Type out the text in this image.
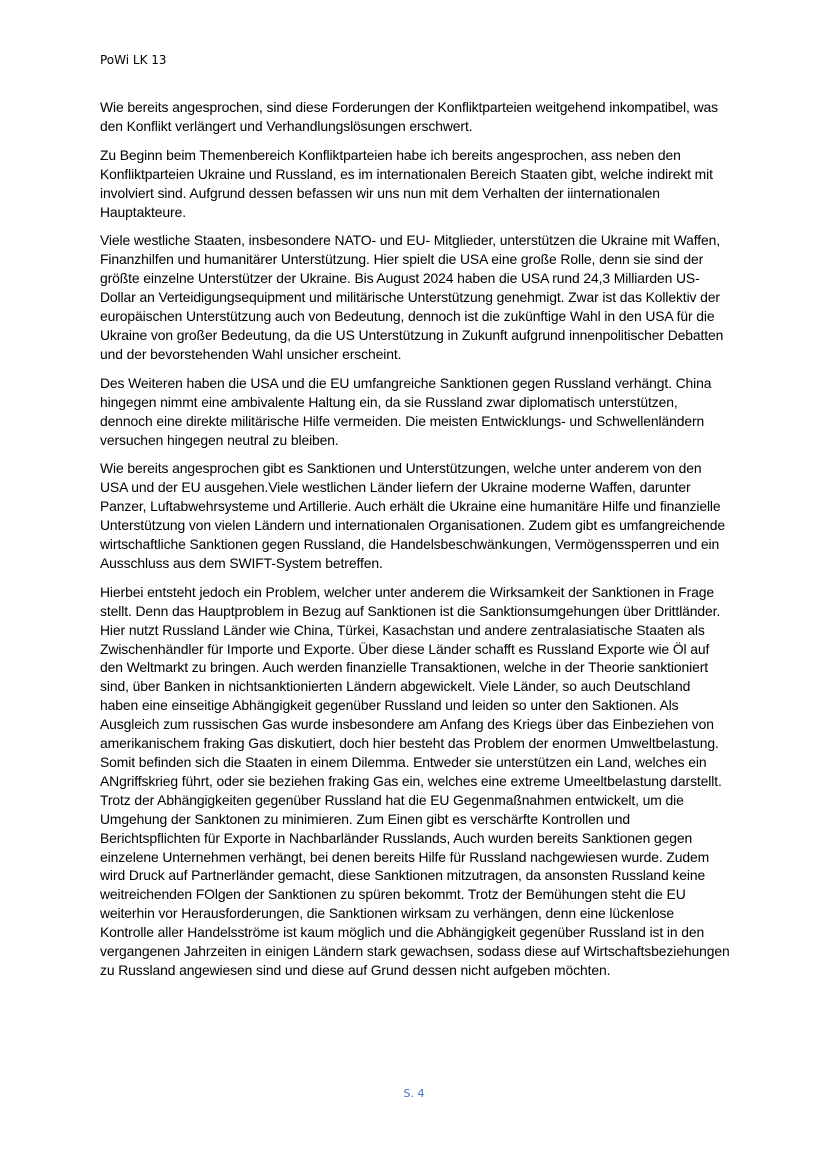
PoWi LK 13

Wie bereits angesprochen, sind diese Forderungen der Konfliktparteien weitgehend inkompatibel, was den Konflikt verlängert und Verhandlungslösungen erschwert.

Zu Beginn beim Themenbereich Konfliktparteien habe ich bereits angesprochen, ass neben den Konfliktparteien Ukraine und Russland, es im internationalen Bereich Staaten gibt, welche indirekt mit involviert sind. Aufgrund dessen befassen wir uns nun mit dem Verhalten der iinternationalen Hauptakteure.

Viele westliche Staaten, insbesondere NATO- und EU- Mitglieder, unterstützen die Ukraine mit Waffen, Finanzhilfen und humanitärer Unterstützung. Hier spielt die USA eine große Rolle, denn sie sind der größte einzelne Unterstützer der Ukraine. Bis August 2024 haben die USA rund 24,3 Milliarden US-Dollar an Verteidigungsequipment und militärische Unterstützung genehmigt. Zwar ist das Kollektiv der europäischen Unterstützung auch von Bedeutung, dennoch ist die zukünftige Wahl in den USA für die Ukraine von großer Bedeutung, da die US Unterstützung in Zukunft aufgrund innenpolitischer Debatten und der bevorstehenden Wahl unsicher erscheint.

Des Weiteren haben die USA und die EU umfangreiche Sanktionen gegen Russland verhängt. China hingegen nimmt eine ambivalente Haltung ein, da sie Russland zwar diplomatisch unterstützen, dennoch eine direkte militärische Hilfe vermeiden. Die meisten Entwicklungs- und Schwellenländern versuchen hingegen neutral zu bleiben.

Wie bereits angesprochen gibt es Sanktionen und Unterstützungen, welche unter anderem von den USA und der EU ausgehen.Viele westlichen Länder liefern der Ukraine moderne Waffen, darunter Panzer, Luftabwehrsysteme und Artillerie. Auch erhält die Ukraine eine humanitäre Hilfe und finanzielle Unterstützung von vielen Ländern und internationalen Organisationen. Zudem gibt es umfangreichende wirtschaftliche Sanktionen gegen Russland, die Handelsbeschwänkungen, Vermögenssperren und ein Ausschluss aus dem SWIFT-System betreffen.

Hierbei entsteht jedoch ein Problem, welcher unter anderem die Wirksamkeit der Sanktionen in Frage stellt. Denn das Hauptproblem in Bezug auf Sanktionen ist die Sanktionsumgehungen über Drittländer. Hier nutzt Russland Länder wie China, Türkei, Kasachstan und andere zentralasiatische Staaten als Zwischenhändler für Importe und Exporte. Über diese Länder schafft es Russland Exporte wie Öl auf den Weltmarkt zu bringen. Auch werden finanzielle Transaktionen, welche in der Theorie sanktioniert sind, über Banken in nichtsanktionierten Ländern abgewickelt. Viele Länder, so auch Deutschland haben eine einseitige Abhängigkeit gegenüber Russland und leiden so unter den Saktionen. Als Ausgleich zum russischen Gas wurde insbesondere am Anfang des Kriegs über das Einbeziehen von amerikanischem fraking Gas diskutiert, doch hier besteht das Problem der enormen Umweltbelastung. Somit befinden sich die Staaten in einem Dilemma. Entweder sie unterstützen ein Land, welches ein ANgriffskrieg führt, oder sie beziehen fraking Gas ein, welches eine extreme Umeeltbelastung darstellt. Trotz der Abhängigkeiten gegenüber Russland hat die EU Gegenmaßnahmen entwickelt, um die Umgehung der Sanktonen zu minimieren. Zum Einen gibt es verschärfte Kontrollen und Berichtspflichten für Exporte in Nachbarländer Russlands, Auch wurden bereits Sanktionen gegen einzelene Unternehmen verhängt, bei denen bereits Hilfe für Russland nachgewiesen wurde. Zudem wird Druck auf Partnerländer gemacht, diese Sanktionen mitzutragen, da ansonsten Russland keine weitreichenden FOlgen der Sanktionen zu spüren bekommt. Trotz der Bemühungen steht die EU weiterhin vor Herausforderungen, die Sanktionen wirksam zu verhängen, denn eine lückenlose Kontrolle aller Handelsströme ist kaum möglich und die Abhängigkeit gegenüber Russland ist in den vergangenen Jahrzeiten in einigen Ländern stark gewachsen, sodass diese auf Wirtschaftsbeziehungen zu Russland angewiesen sind und diese auf Grund dessen nicht aufgeben möchten.

S. 4
